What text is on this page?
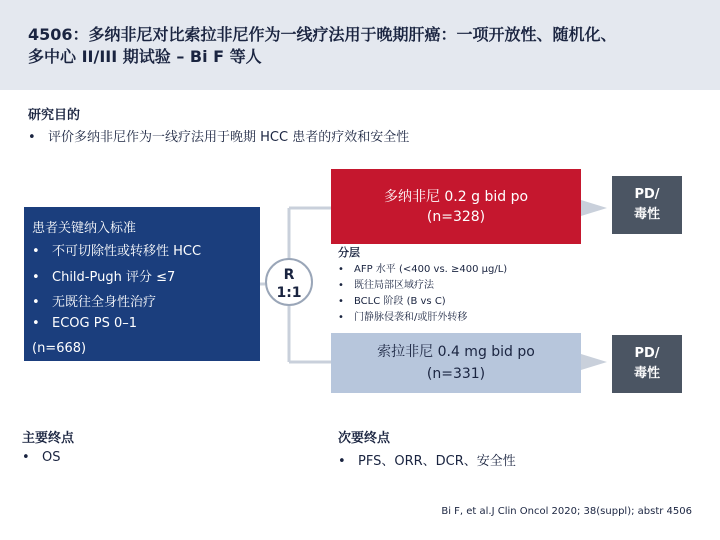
4506：多纳非尼对比索拉非尼作为一线疗法用于晚期肝癌：一项开放性、随机化、
多中心 II/III 期试验 – Bi F 等人
研究目的
• 评价多纳非尼作为一线疗法用于晚期 HCC 患者的疗效和安全性
患者关键纳入标准
• 不可切除性或转移性 HCC
• Child-Pugh 评分 ≤7
• 无既往全身性治疗
• ECOG PS 0–1
(n=668)
R
1:1
多纳非尼 0.2 g bid po
(n=328)
PD/
毒性
分层
• AFP 水平 (<400 vs. ≥400 μg/L)
• 既往局部区域疗法
• BCLC 阶段 (B vs C)
• 门静脉侵袭和/或肝外转移
索拉非尼 0.4 mg bid po
(n=331)
PD/
毒性
主要终点
• OS
次要终点
• PFS、ORR、DCR、安全性
Bi F, et al.J Clin Oncol 2020; 38(suppl); abstr 4506
